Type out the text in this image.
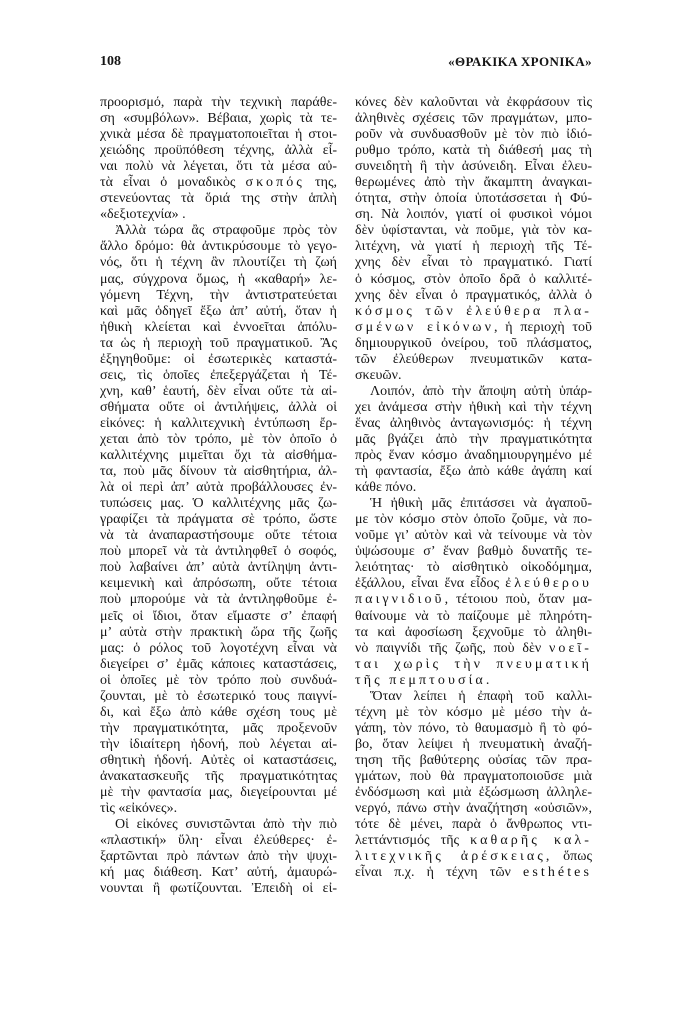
108	«ΘΡΑΚΙΚΑ ΧΡΟΝΙΚΑ»
προορισμό, παρὰ τὴν τεχνικὴ παράθε-
ση «συμβόλων». Βέβαια, χωρὶς τὰ τε-
χνικὰ μέσα δὲ πραγματοποιεῖται ἡ στοι-
χειώδης προϋπόθεση τέχνης, ἀλλὰ εἶ-
ναι πολὺ νὰ λέγεται, ὅτι τὰ μέσα αὐ-
τὰ εἶναι ὁ μοναδικὸς σκοπός της,
στενεύοντας τὰ ὅριά της στὴν ἁπλὴ
«δεξιοτεχνία» .
Ἀλλὰ τώρα ἂς στραφοῦμε πρὸς τὸν
ἄλλο δρόμο: θὰ ἀντικρύσουμε τὸ γεγο-
νός, ὅτι ἡ τέχνη ἂν πλουτίζει τὴ ζωή
μας, σύγχρονα ὅμως, ἡ «καθαρή» λε-
γόμενη Τέχνη, τὴν ἀντιστρατεύεται
καὶ μᾶς ὁδηγεῖ ἔξω ἀπ’ αὐτή, ὅταν ἡ
ἠθικὴ κλείεται καὶ ἐννοεῖται ἀπόλυ-
τα ὡς ἡ περιοχὴ τοῦ πραγματικοῦ. Ἂς
ἐξηγηθοῦμε: οἱ ἐσωτερικὲς καταστά-
σεις, τὶς ὁποῖες ἐπεξεργάζεται ἡ Τέ-
χνη, καθ’ ἑαυτή, δὲν εἶναι οὔτε τὰ αἰ-
σθήματα οὔτε οἱ ἀντιλήψεις, ἀλλὰ οἱ
εἰκόνες: ἡ καλλιτεχνικὴ ἐντύπωση ἔρ-
χεται ἀπὸ τὸν τρόπο, μὲ τὸν ὁποῖο ὁ
καλλιτέχνης μιμεῖται ὄχι τὰ αἰσθήμα-
τα, ποὺ μᾶς δίνουν τὰ αἰσθητήρια, ἀλ-
λὰ οἱ περὶ ἀπ’ αὐτὰ προβάλλουσες ἐν-
τυπώσεις μας. Ὁ καλλιτέχνης μᾶς ζω-
γραφίζει τὰ πράγματα σὲ τρόπο, ὥστε
νὰ τὰ ἀναπαραστήσουμε οὔτε τέτοια
ποὺ μπορεῖ νὰ τὰ ἀντιληφθεῖ ὁ σοφός,
ποὺ λαβαίνει ἀπ’ αὐτὰ ἀντίληψη ἀντι-
κειμενικὴ καὶ ἀπρόσωπη, οὔτε τέτοια
ποὺ μπορούμε νὰ τὰ ἀντιληφθοῦμε ἐ-
μεῖς οἱ ἴδιοι, ὅταν εἴμαστε σ’ ἐπαφή
μ’ αὐτὰ στὴν πρακτικὴ ὥρα τῆς ζωῆς
μας: ὁ ρόλος τοῦ λογοτέχνη εἶναι νὰ
διεγείρει σ’ ἐμᾶς κάποιες καταστάσεις,
οἱ ὁποῖες μὲ τὸν τρόπο ποὺ συνδυά-
ζουνται, μὲ τὸ ἐσωτερικό τους παιγνί-
δι, καὶ ἔξω ἀπὸ κάθε σχέση τους μὲ
τὴν πραγματικότητα, μᾶς προξενοῦν
τὴν ἰδιαίτερη ἡδονή, ποὺ λέγεται αἰ-
σθητικὴ ἡδονή. Αὐτὲς οἱ καταστάσεις,
ἀνακατασκευῆς τῆς πραγματικότητας
μὲ τὴν φαντασία μας, διεγείρουνται μέ
τὶς «εἰκόνες».
Οἱ εἰκόνες συνιστῶνται ἀπὸ τὴν πιὸ
«πλαστική» ὕλη· εἶναι ἐλεύθερες· ἐ-
ξαρτῶνται πρὸ πάντων ἀπὸ τὴν ψυχι-
κή μας διάθεση. Κατ’ αὐτή, ἀμαυρώ-
νουνται ἢ φωτίζουνται. Ἐπειδὴ οἱ εἰ-
κόνες δὲν καλοῦνται νὰ ἐκφράσουν τὶς
ἀληθινὲς σχέσεις τῶν πραγμάτων, μπο-
ροῦν νὰ συνδυασθοῦν μὲ τὸν πιὸ ἰδιό-
ρυθμο τρόπο, κατὰ τὴ διάθεσή μας τὴ
συνειδητὴ ἢ τὴν ἀσύνειδη. Εἶναι ἐλευ-
θερωμένες ἀπὸ τὴν ἄκαμπτη ἀναγκαι-
ότητα, στὴν ὁποία ὑποτάσσεται ἡ Φύ-
ση. Νὰ λοιπόν, γιατί οἱ φυσικοὶ νόμοι
δὲν ὑφίστανται, νὰ ποῦμε, γιὰ τὸν κα-
λιτέχνη, νὰ γιατί ἡ περιοχὴ τῆς Τέ-
χνης δὲν εἶναι τὸ πραγματικό. Γιατί
ὁ κόσμος, στὸν ὁποῖο δρᾶ ὁ καλλιτέ-
χνης δὲν εἶναι ὁ πραγματικός, ἀλλὰ ὁ
κόσμος τῶν ἐλεύθερα πλα-
σμένων εἰκόνων, ἡ περιοχὴ τοῦ
δημιουργικοῦ ὀνείρου, τοῦ πλάσματος,
τῶν ἐλεύθερων πνευματικῶν κατα-
σκευῶν.
Λοιπόν, ἀπὸ τὴν ἄποψη αὐτὴ ὑπάρ-
χει ἀνάμεσα στὴν ἠθικὴ καὶ τὴν τέχνη
ἕνας ἀληθινὸς ἀνταγωνισμός: ἡ τέχνη
μᾶς βγάζει ἀπὸ τὴν πραγματικότητα
πρὸς ἕναν κόσμο ἀναδημιουργημένο μέ
τὴ φαντασία, ἔξω ἀπὸ κάθε ἀγάπη καί
κάθε πόνο.
Ἡ ἠθικὴ μᾶς ἐπιτάσσει νὰ ἀγαποῦ-
με τὸν κόσμο στὸν ὁποῖο ζοῦμε, νὰ πο-
νοῦμε γι’ αὐτὸν καὶ νὰ τείνουμε νὰ τὸν
ὑψώσουμε σ’ ἕναν βαθμὸ δυνατῆς τε-
λειότητας· τὸ αἰσθητικὸ οἰκοδόμημα,
ἐξάλλου, εἶναι ἕνα εἶδος ἐλεύθερου
παιγνιδιοῦ, τέτοιου ποὺ, ὅταν μα-
θαίνουμε νὰ τὸ παίζουμε μὲ πληρότη-
τα καὶ ἀφοσίωση ξεχνοῦμε τὸ ἀληθι-
νὸ παιγνίδι τῆς ζωῆς, ποὺ δὲν νοεῖ-
ται χωρὶς τὴν πνευματική
τῆς πεμπτουσία.
Ὅταν λείπει ἡ ἐπαφὴ τοῦ καλλι-
τέχνη μὲ τὸν κόσμο μὲ μέσο τὴν ἀ-
γάπη, τὸν πόνο, τὸ θαυμασμὸ ἢ τὸ φό-
βο, ὅταν λείψει ἡ πνευματικὴ ἀναζή-
τηση τῆς βαθύτερης οὐσίας τῶν πρα-
γμάτων, ποὺ θὰ πραγματοποιοῦσε μιὰ
ἐνδόσμωση καὶ μιὰ ἐξώσμωση ἀλληλε-
νεργό, πάνω στὴν ἀναζήτηση «οὐσιῶν»,
τότε δὲ μένει, παρὰ ὁ ἄνθρωπος ντι-
λεττάντισμός τῆς καθαρῆς καλ-
λιτεχνικῆς ἀρέσκειας, ὅπως
εἶναι π.χ. ἡ τέχνη τῶν esthétes
